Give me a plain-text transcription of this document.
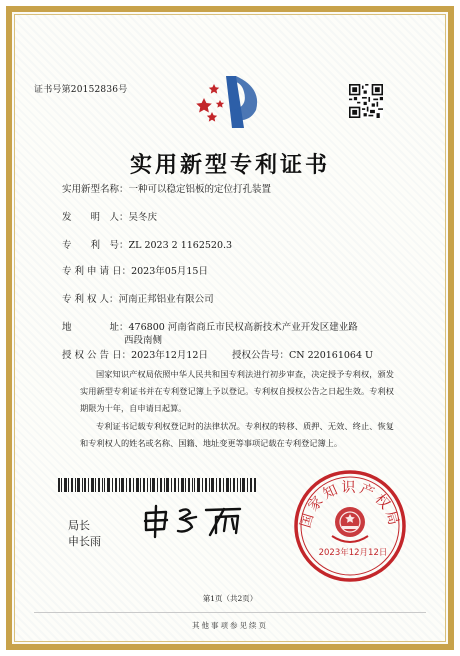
证书号第20152836号
实用新型专利证书
实用新型名称：一种可以稳定铝板的定位打孔装置
发　　明　人：吴冬庆
专　　利　号：ZL 2023 2 1162520.3
专 利 申 请 日：2023年05月15日
专 利 权 人：河南正邦铝业有限公司
地　　　　址：476800 河南省商丘市民权高新技术产业开发区建业路
西段南侧
授 权 公 告 日：2023年12月12日	授权公告号：CN 220161064 U
国家知识产权局依照中华人民共和国专利法进行初步审查，决定授予专利权，颁发实用新型专利证书并在专利登记簿上予以登记。专利权自授权公告之日起生效。专利权期限为十年，自申请日起算。
专利证书记载专利权登记时的法律状况。专利权的转移、质押、无效、终止、恢复和专利权人的姓名或名称、国籍、地址变更等事项记载在专利登记簿上。
局长
申长雨
国家知识产权局
2023年12月12日
第1页（共2页）
其他事项参见续页
